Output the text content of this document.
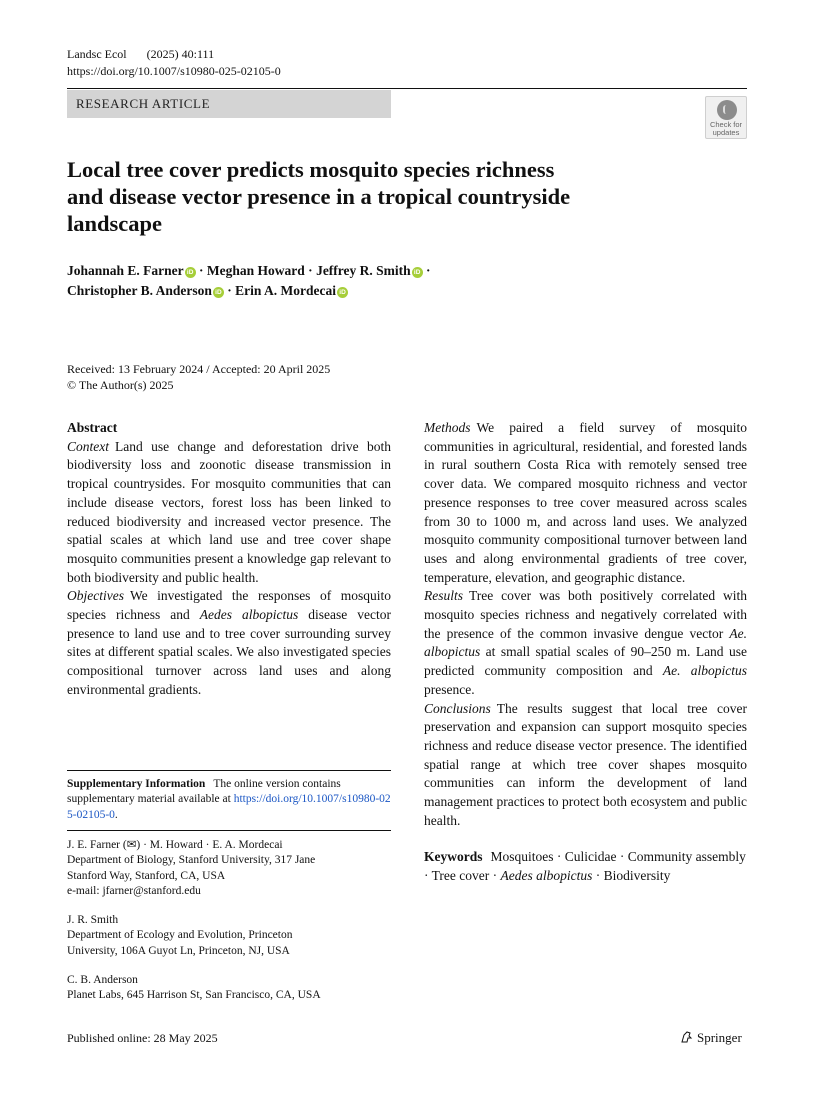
Landsc Ecol (2025) 40:111
https://doi.org/10.1007/s10980-025-02105-0
RESEARCH ARTICLE
Check for
updates
Local tree cover predicts mosquito species richness
and disease vector presence in a tropical countryside
landscape
Johannah E. Farner iD · Meghan Howard · Jeffrey R. Smith iD ·
Christopher B. Anderson iD · Erin A. Mordecai iD
Received: 13 February 2024 / Accepted: 20 April 2025
© The Author(s) 2025

Abstract

Context Land use change and deforestation drive both biodiversity loss and zoonotic disease transmission in tropical countrysides. For mosquito communities that can include disease vectors, forest loss has been linked to reduced biodiversity and increased vector presence. The spatial scales at which land use and tree cover shape mosquito communities present a knowledge gap relevant to both biodiversity and public health.

Objectives We investigated the responses of mosquito species richness and Aedes albopictus disease vector presence to land use and to tree cover surrounding survey sites at different spatial scales. We also investigated species compositional turnover across land uses and along environmental gradients.

Methods We paired a field survey of mosquito communities in agricultural, residential, and forested lands in rural southern Costa Rica with remotely sensed tree cover data. We compared mosquito richness and vector presence responses to tree cover measured across scales from 30 to 1000 m, and across land uses. We analyzed mosquito community compositional turnover between land uses and along environmental gradients of tree cover, temperature, elevation, and geographic distance.

Results Tree cover was both positively correlated with mosquito species richness and negatively correlated with the presence of the common invasive dengue vector Ae. albopictus at small spatial scales of 90–250 m. Land use predicted community composition and Ae. albopictus presence.

Conclusions The results suggest that local tree cover preservation and expansion can support mosquito species richness and reduce disease vector presence. The identified spatial range at which tree cover shapes mosquito communities can inform the development of land management practices to protect both ecosystem and public health.

Keywords Mosquitoes · Culicidae · Community assembly · Tree cover · Aedes albopictus · Biodiversity

Supplementary Information The online version contains supplementary material available at https://doi.org/10.1007/s10980-025-02105-0.
J. E. Farner (✉) · M. Howard · E. A. Mordecai
Department of Biology, Stanford University, 317 Jane
Stanford Way, Stanford, CA, USA
e-mail: jfarner@stanford.edu
J. R. Smith
Department of Ecology and Evolution, Princeton
University, 106A Guyot Ln, Princeton, NJ, USA
C. B. Anderson
Planet Labs, 645 Harrison St, San Francisco, CA, USA
Published online: 28 May 2025	Springer
